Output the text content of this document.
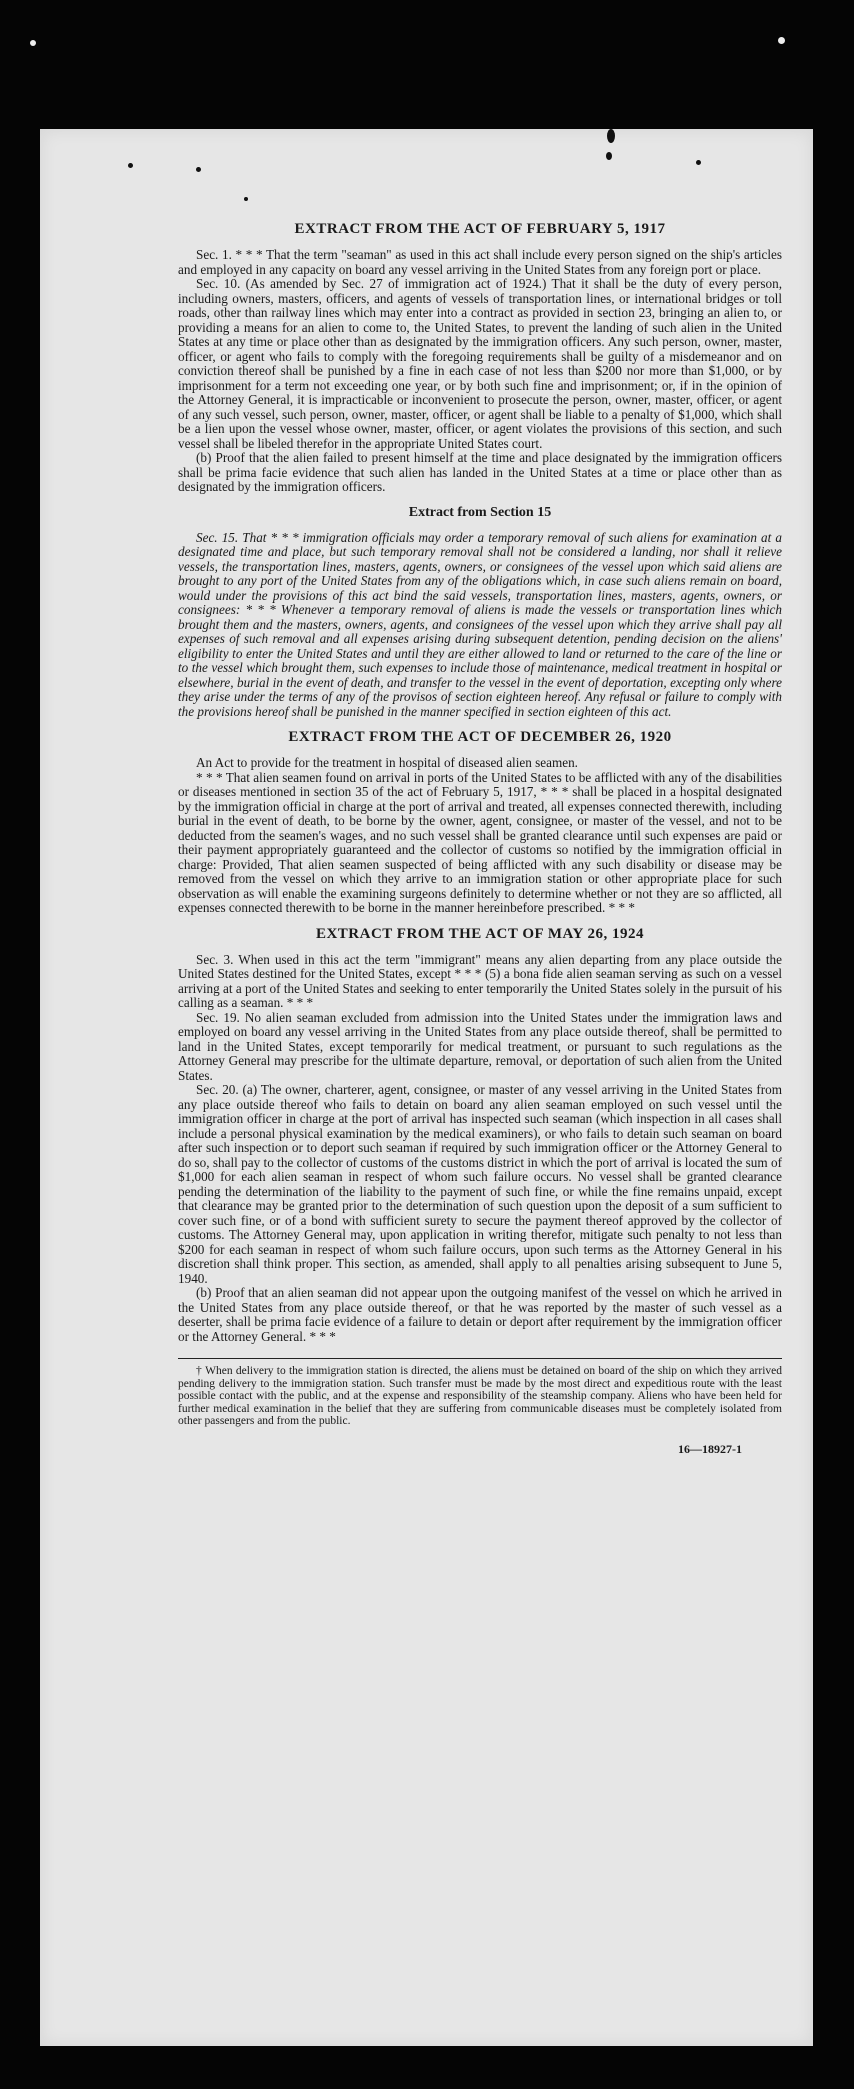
EXTRACT FROM THE ACT OF FEBRUARY 5, 1917

Sec. 1. * * * That the term "seaman" as used in this act shall include every person signed on the ship's articles and employed in any capacity on board any vessel arriving in the United States from any foreign port or place.

Sec. 10. (As amended by Sec. 27 of immigration act of 1924.) That it shall be the duty of every person, including owners, masters, officers, and agents of vessels of transportation lines, or international bridges or toll roads, other than railway lines which may enter into a contract as provided in section 23, bringing an alien to, or providing a means for an alien to come to, the United States, to prevent the landing of such alien in the United States at any time or place other than as designated by the immigration officers. Any such person, owner, master, officer, or agent who fails to comply with the foregoing requirements shall be guilty of a misdemeanor and on conviction thereof shall be punished by a fine in each case of not less than $200 nor more than $1,000, or by imprisonment for a term not exceeding one year, or by both such fine and imprisonment; or, if in the opinion of the Attorney General, it is impracticable or inconvenient to prosecute the person, owner, master, officer, or agent of any such vessel, such person, owner, master, officer, or agent shall be liable to a penalty of $1,000, which shall be a lien upon the vessel whose owner, master, officer, or agent violates the provisions of this section, and such vessel shall be libeled therefor in the appropriate United States court.

(b) Proof that the alien failed to present himself at the time and place designated by the immigration officers shall be prima facie evidence that such alien has landed in the United States at a time or place other than as designated by the immigration officers.

Extract from Section 15

Sec. 15. That * * * immigration officials may order a temporary removal of such aliens for examination at a designated time and place, but such temporary removal shall not be considered a landing, nor shall it relieve vessels, the transportation lines, masters, agents, owners, or consignees of the vessel upon which said aliens are brought to any port of the United States from any of the obligations which, in case such aliens remain on board, would under the provisions of this act bind the said vessels, transportation lines, masters, agents, owners, or consignees: * * * Whenever a temporary removal of aliens is made the vessels or transportation lines which brought them and the masters, owners, agents, and consignees of the vessel upon which they arrive shall pay all expenses of such removal and all expenses arising during subsequent detention, pending decision on the aliens' eligibility to enter the United States and until they are either allowed to land or returned to the care of the line or to the vessel which brought them, such expenses to include those of maintenance, medical treatment in hospital or elsewhere, burial in the event of death, and transfer to the vessel in the event of deportation, excepting only where they arise under the terms of any of the provisos of section eighteen hereof. Any refusal or failure to comply with the provisions hereof shall be punished in the manner specified in section eighteen of this act.

EXTRACT FROM THE ACT OF DECEMBER 26, 1920

An Act to provide for the treatment in hospital of diseased alien seamen.

* * * That alien seamen found on arrival in ports of the United States to be afflicted with any of the disabilities or diseases mentioned in section 35 of the act of February 5, 1917, * * * shall be placed in a hospital designated by the immigration official in charge at the port of arrival and treated, all expenses connected therewith, including burial in the event of death, to be borne by the owner, agent, consignee, or master of the vessel, and not to be deducted from the seamen's wages, and no such vessel shall be granted clearance until such expenses are paid or their payment appropriately guaranteed and the collector of customs so notified by the immigration official in charge: Provided, That alien seamen suspected of being afflicted with any such disability or disease may be removed from the vessel on which they arrive to an immigration station or other appropriate place for such observation as will enable the examining surgeons definitely to determine whether or not they are so afflicted, all expenses connected therewith to be borne in the manner hereinbefore prescribed. * * *

EXTRACT FROM THE ACT OF MAY 26, 1924

Sec. 3. When used in this act the term "immigrant" means any alien departing from any place outside the United States destined for the United States, except * * * (5) a bona fide alien seaman serving as such on a vessel arriving at a port of the United States and seeking to enter temporarily the United States solely in the pursuit of his calling as a seaman. * * *

Sec. 19. No alien seaman excluded from admission into the United States under the immigration laws and employed on board any vessel arriving in the United States from any place outside thereof, shall be permitted to land in the United States, except temporarily for medical treatment, or pursuant to such regulations as the Attorney General may prescribe for the ultimate departure, removal, or deportation of such alien from the United States.

Sec. 20. (a) The owner, charterer, agent, consignee, or master of any vessel arriving in the United States from any place outside thereof who fails to detain on board any alien seaman employed on such vessel until the immigration officer in charge at the port of arrival has inspected such seaman (which inspection in all cases shall include a personal physical examination by the medical examiners), or who fails to detain such seaman on board after such inspection or to deport such seaman if required by such immigration officer or the Attorney General to do so, shall pay to the collector of customs of the customs district in which the port of arrival is located the sum of $1,000 for each alien seaman in respect of whom such failure occurs. No vessel shall be granted clearance pending the determination of the liability to the payment of such fine, or while the fine remains unpaid, except that clearance may be granted prior to the determination of such question upon the deposit of a sum sufficient to cover such fine, or of a bond with sufficient surety to secure the payment thereof approved by the collector of customs. The Attorney General may, upon application in writing therefor, mitigate such penalty to not less than $200 for each seaman in respect of whom such failure occurs, upon such terms as the Attorney General in his discretion shall think proper. This section, as amended, shall apply to all penalties arising subsequent to June 5, 1940.

(b) Proof that an alien seaman did not appear upon the outgoing manifest of the vessel on which he arrived in the United States from any place outside thereof, or that he was reported by the master of such vessel as a deserter, shall be prima facie evidence of a failure to detain or deport after requirement by the immigration officer or the Attorney General. * * *

† When delivery to the immigration station is directed, the aliens must be detained on board of the ship on which they arrived pending delivery to the immigration station. Such transfer must be made by the most direct and expeditious route with the least possible contact with the public, and at the expense and responsibility of the steamship company. Aliens who have been held for further medical examination in the belief that they are suffering from communicable diseases must be completely isolated from other passengers and from the public.
16—18927-1
